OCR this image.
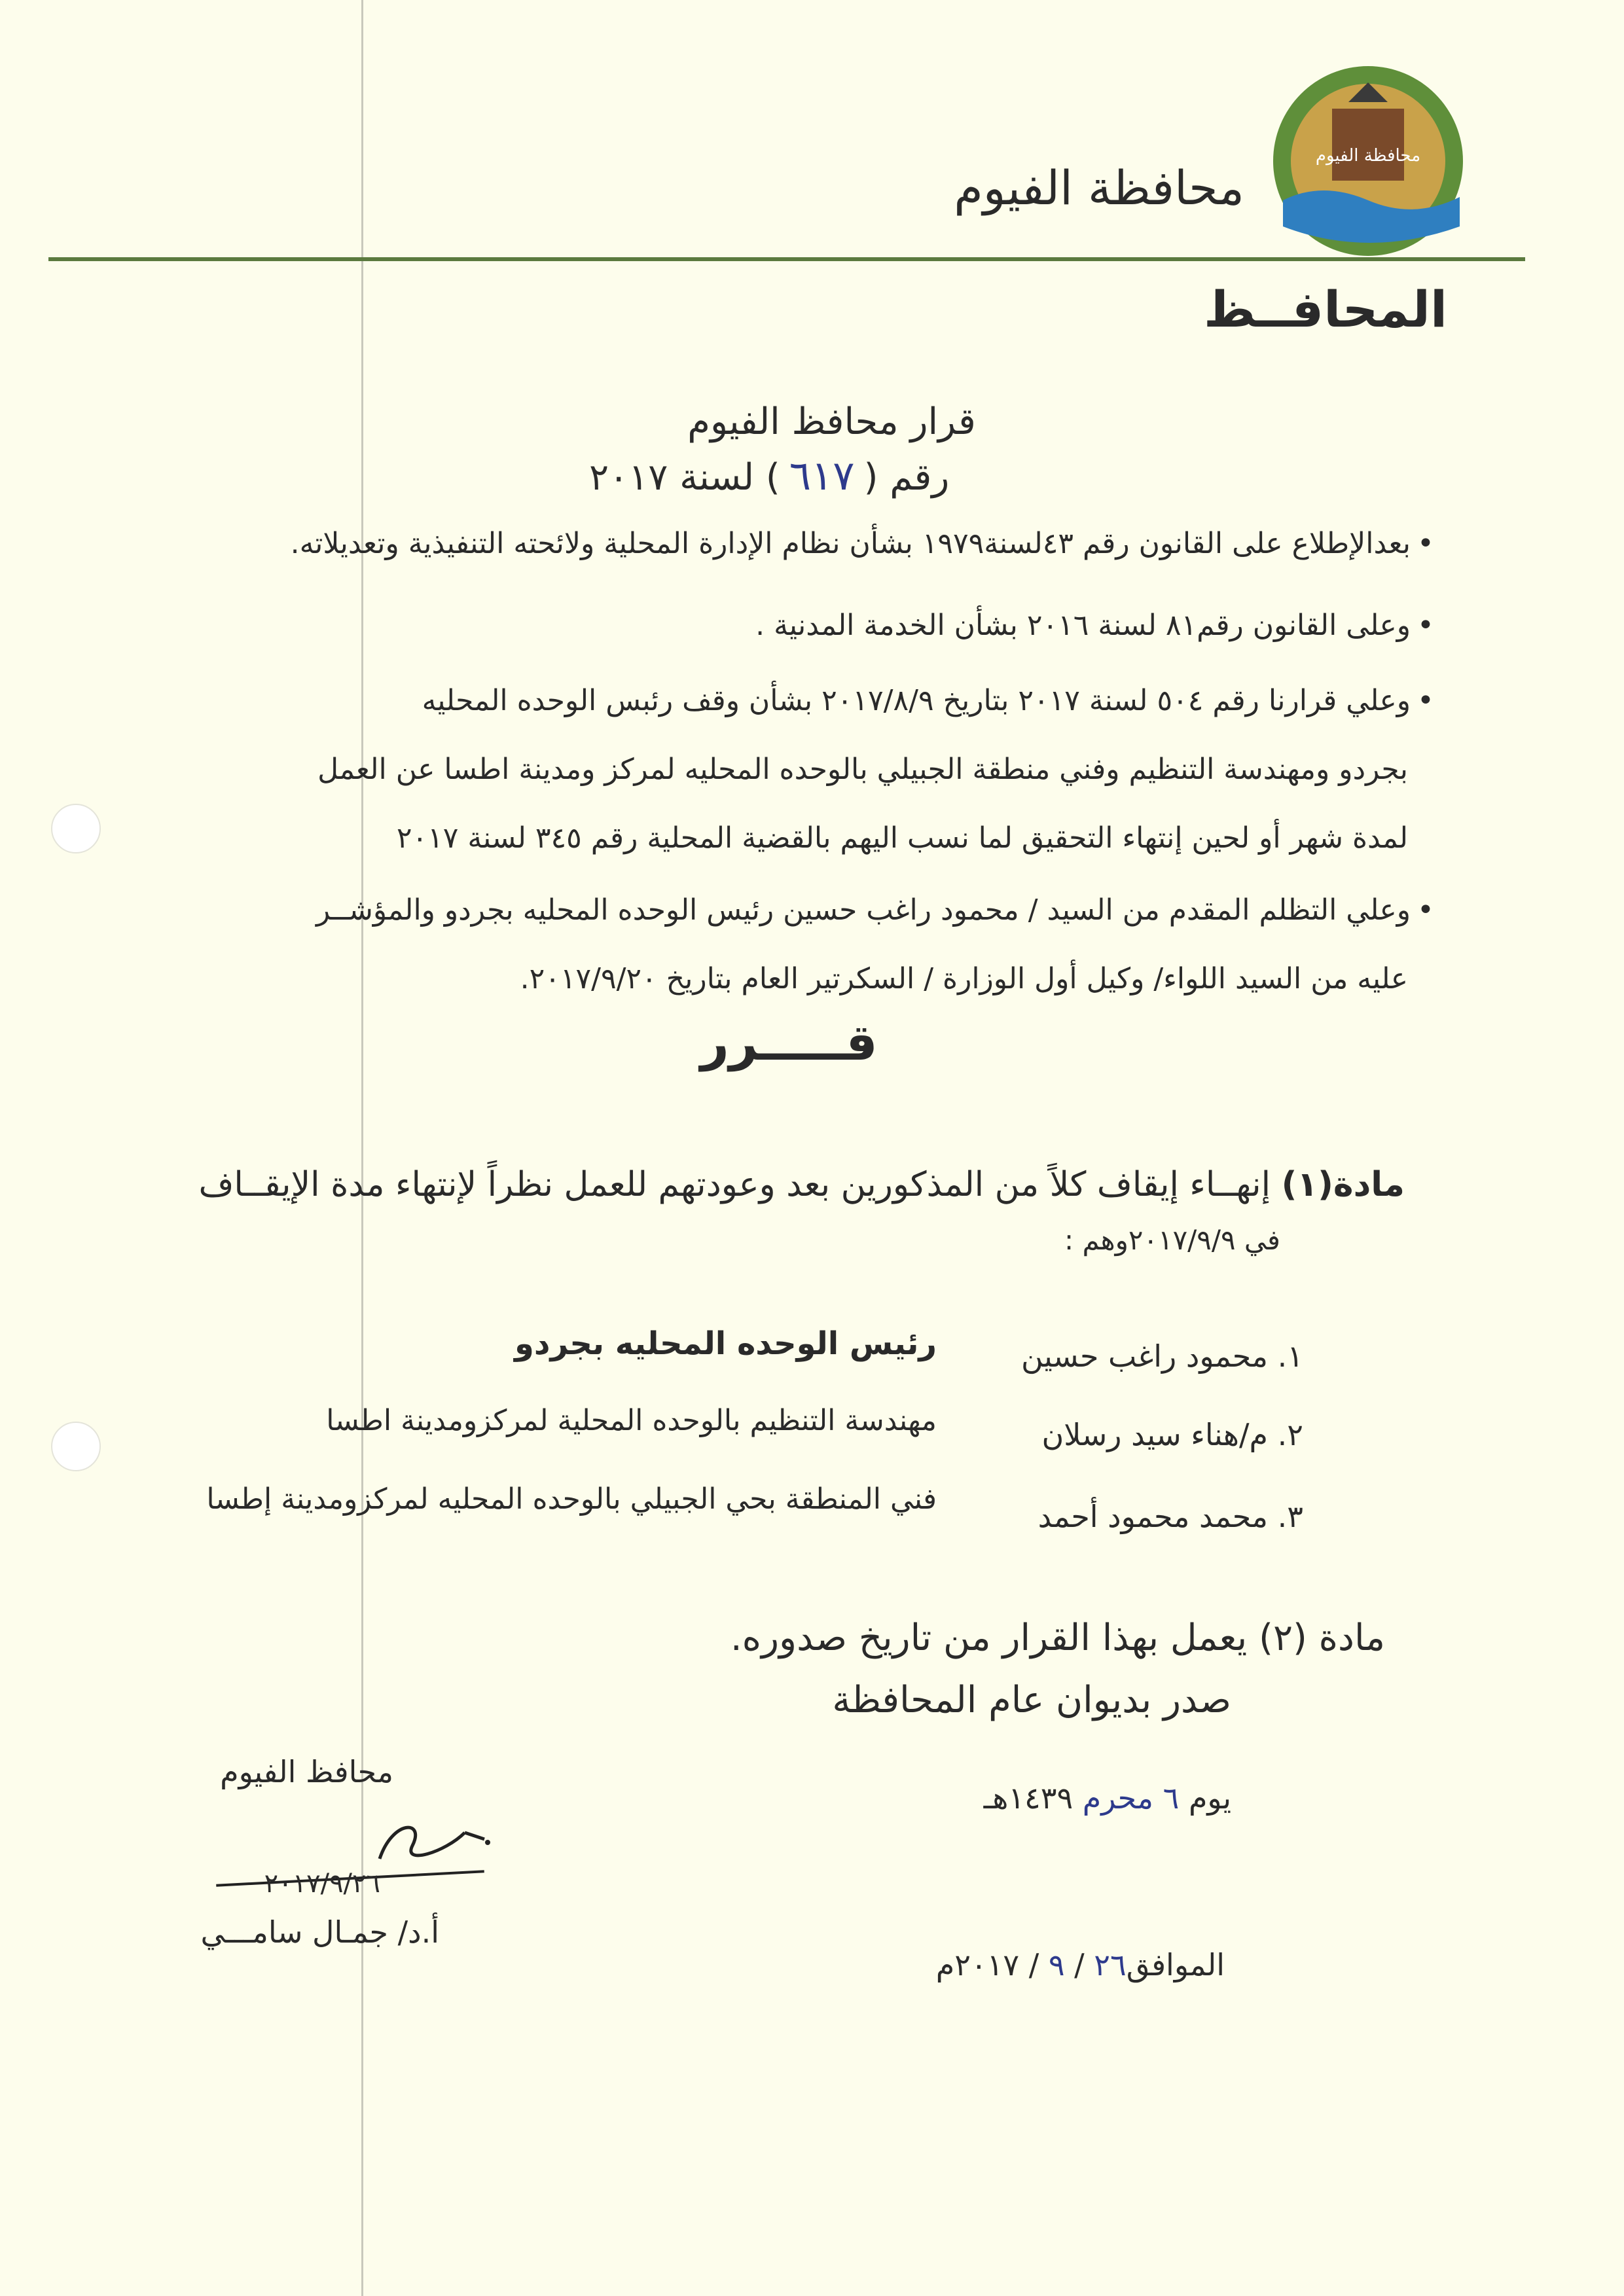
محافظة الفيوم
محافظة الفيوم
المحافــظ
قرار محافظ الفيوم
رقم (٦١٧) لسنة ٢٠١٧
•بعدالإطلاع على القانون رقم ٤٣لسنة١٩٧٩ بشأن نظام الإدارة المحلية ولائحته التنفيذية وتعديلاته.
•وعلى القانون رقم٨١ لسنة ٢٠١٦ بشأن الخدمة المدنية .
•وعلي قرارنا رقم ٥٠٤ لسنة ٢٠١٧ بتاريخ ٢٠١٧/٨/٩ بشأن وقف رئبس الوحده المحليه
بجردو ومهندسة التنظيم وفني منطقة الجبيلي بالوحده المحليه لمركز ومدينة اطسا عن العمل
لمدة شهر أو لحين إنتهاء التحقيق لما نسب اليهم بالقضية المحلية رقم ٣٤٥ لسنة ٢٠١٧
•وعلي التظلم المقدم من السيد / محمود راغب حسين رئيس الوحده المحليه بجردو والمؤشــر
عليه من السيد اللواء/ وكيل أول الوزارة / السكرتير العام بتاريخ ٢٠١٧/٩/٢٠.
قـــــرر
مادة(١) إنهــاء إيقاف كلاً من المذكورين بعد وعودتهم للعمل نظراً لإنتهاء مدة الإيقــاف
في ٢٠١٧/٩/٩وهم :
١. محمود راغب حسين
رئيس الوحده المحليه بجردو
٢. م/هناء سيد رسلان
مهندسة التنظيم بالوحده المحلية لمركزومدينة اطسا
٣. محمد محمود أحمد
فني المنطقة بحي الجبيلي بالوحده المحليه لمركزومدينة إطسا
مادة (٢) يعمل بهذا القرار من تاريخ صدوره.
صدر بديوان عام المحافظة
يوم ٦ محرم ١٤٣٩هـ
الموافق٢٦ / ٩ / ٢٠١٧م
محافظ الفيوم
٢٠١٧/٩/٢٦
أ.د/ جمـال سامـــي
